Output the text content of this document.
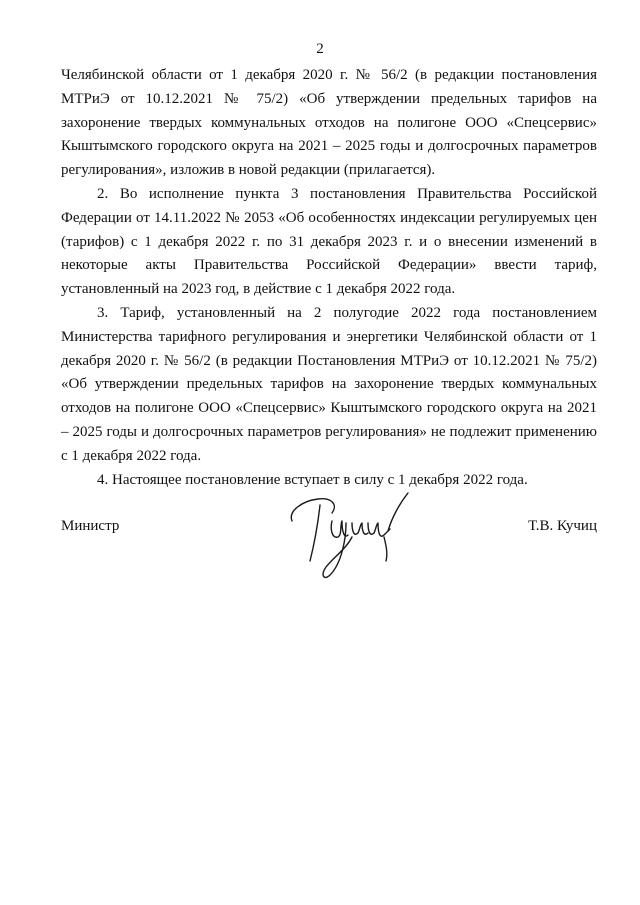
2

Челябинской области от 1 декабря 2020 г. № 56/2 (в редакции постановления МТРиЭ от 10.12.2021 № 75/2) «Об утверждении предельных тарифов на захоронение твердых коммунальных отходов на полигоне ООО «Спецсервис» Кыштымского городского округа на 2021 – 2025 годы и долгосрочных параметров регулирования», изложив в новой редакции (прилагается).

2. Во исполнение пункта 3 постановления Правительства Российской Федерации от 14.11.2022 № 2053 «Об особенностях индексации регулируемых цен (тарифов) с 1 декабря 2022 г. по 31 декабря 2023 г. и о внесении изменений в некоторые акты Правительства Российской Федерации» ввести тариф, установленный на 2023 год, в действие с 1 декабря 2022 года.

3. Тариф, установленный на 2 полугодие 2022 года постановлением Министерства тарифного регулирования и энергетики Челябинской области от 1 декабря 2020 г. № 56/2 (в редакции Постановления МТРиЭ от 10.12.2021 № 75/2) «Об утверждении предельных тарифов на захоронение твердых коммунальных отходов на полигоне ООО «Спецсервис» Кыштымского городского округа на 2021 – 2025 годы и долгосрочных параметров регулирования» не подлежит применению с 1 декабря 2022 года.

4. Настоящее постановление вступает в силу с 1 декабря 2022 года.

Министр	Т.В. Кучиц
